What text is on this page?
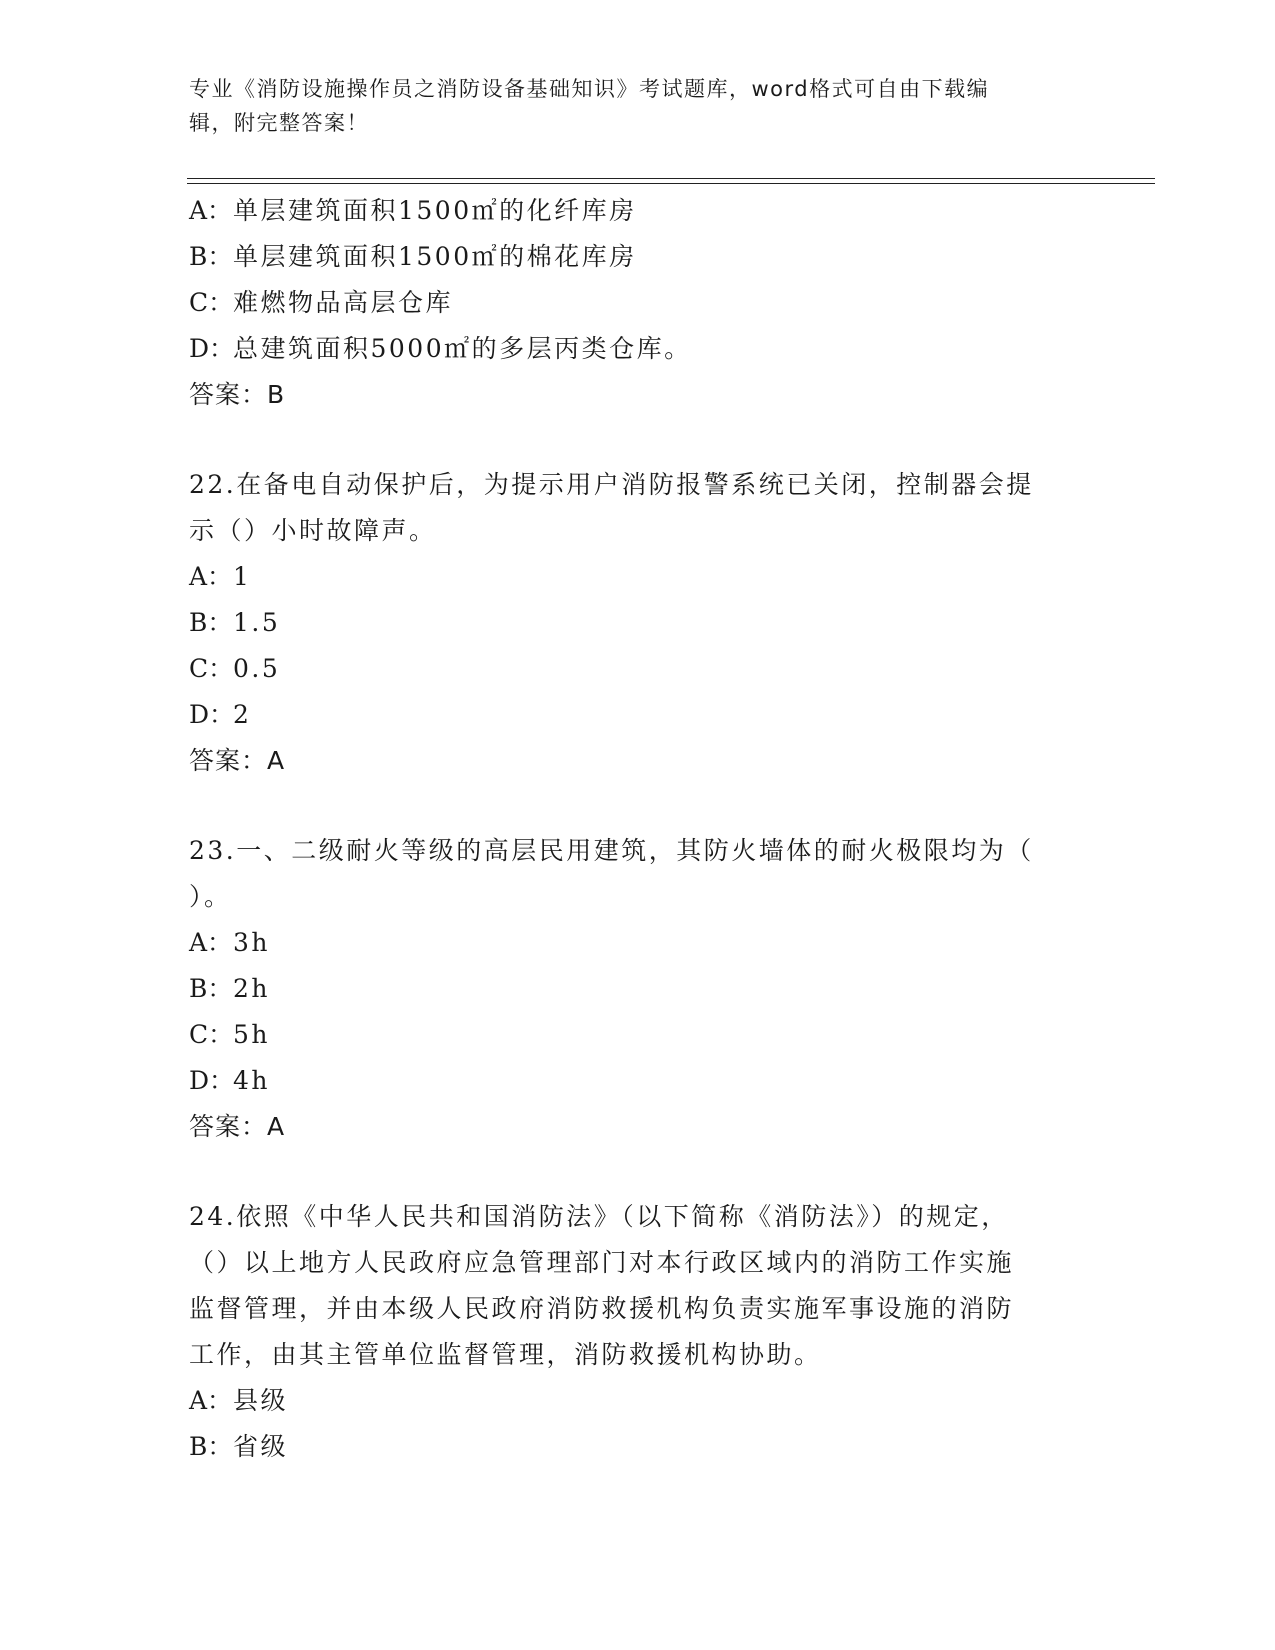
专业《消防设施操作员之消防设备基础知识》考试题库，word格式可自由下载编
辑，附完整答案！
A：单层建筑面积1500㎡的化纤库房
B：单层建筑面积1500㎡的棉花库房
C：难燃物品高层仓库
D：总建筑面积5000㎡的多层丙类仓库。
答案：B
22.在备电自动保护后，为提示用户消防报警系统已关闭，控制器会提
示（）小时故障声。
A：1
B：1.5
C：0.5
D：2
答案：A
23.一、二级耐火等级的高层民用建筑，其防火墙体的耐火极限均为（
）。
A：3h
B：2h
C：5h
D：4h
答案：A
24.依照《中华人民共和国消防法》（以下简称《消防法》）的规定，
（）以上地方人民政府应急管理部门对本行政区域内的消防工作实施
监督管理，并由本级人民政府消防救援机构负责实施军事设施的消防
工作，由其主管单位监督管理，消防救援机构协助。
A：县级
B：省级
